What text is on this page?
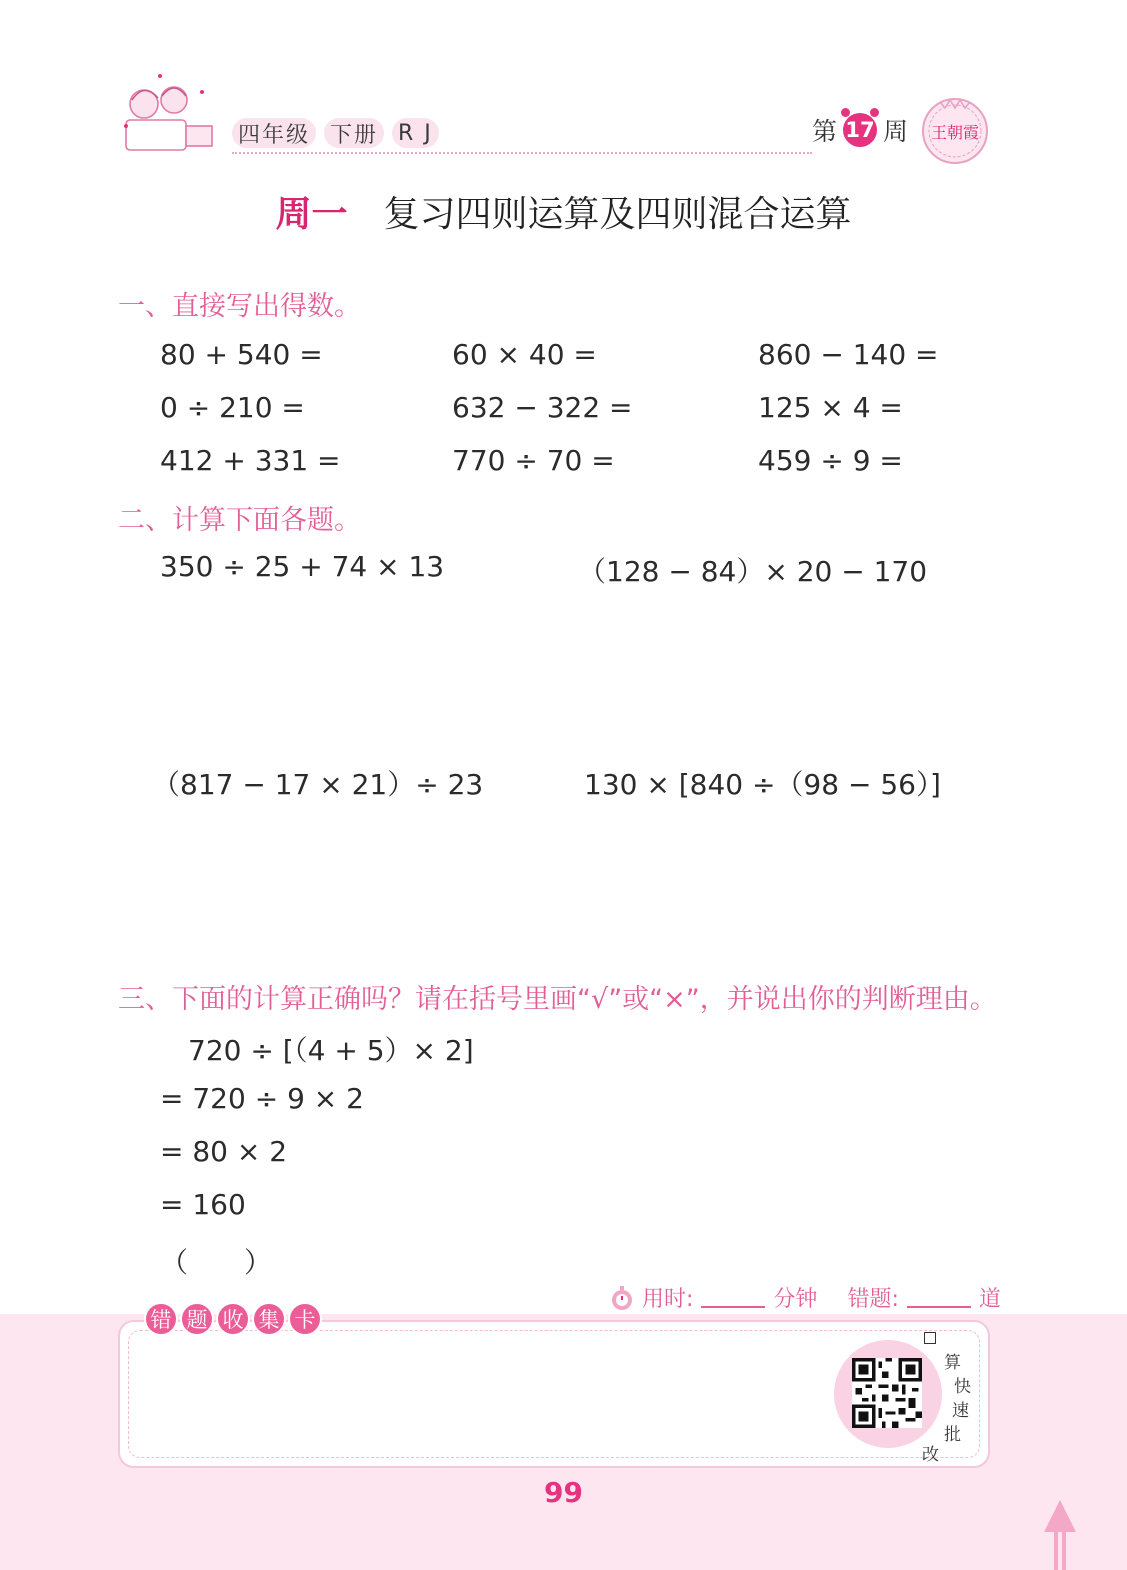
四年级 下册 R J	第 17 周 王朝霞
周一 复习四则运算及四则混合运算
一、直接写出得数。
80 + 540 =	60 × 40 =	860 − 140 =
0 ÷ 210 =	632 − 322 =	125 × 4 =
412 + 331 =	770 ÷ 70 =	459 ÷ 9 =
二、计算下面各题。
350 ÷ 25 + 74 × 13	（128 − 84）× 20 − 170
（817 − 17 × 21）÷ 23	130 × [840 ÷（98 − 56）]
三、下面的计算正确吗？请在括号里画“√”或“×”，并说出你的判断理由。
720 ÷ [（4 + 5）× 2]
= 720 ÷ 9 × 2
= 80 × 2
= 160
（　　）
用时:	分钟 错题:	道
错 题 收 集 卡
算
快
速
批
改
99
